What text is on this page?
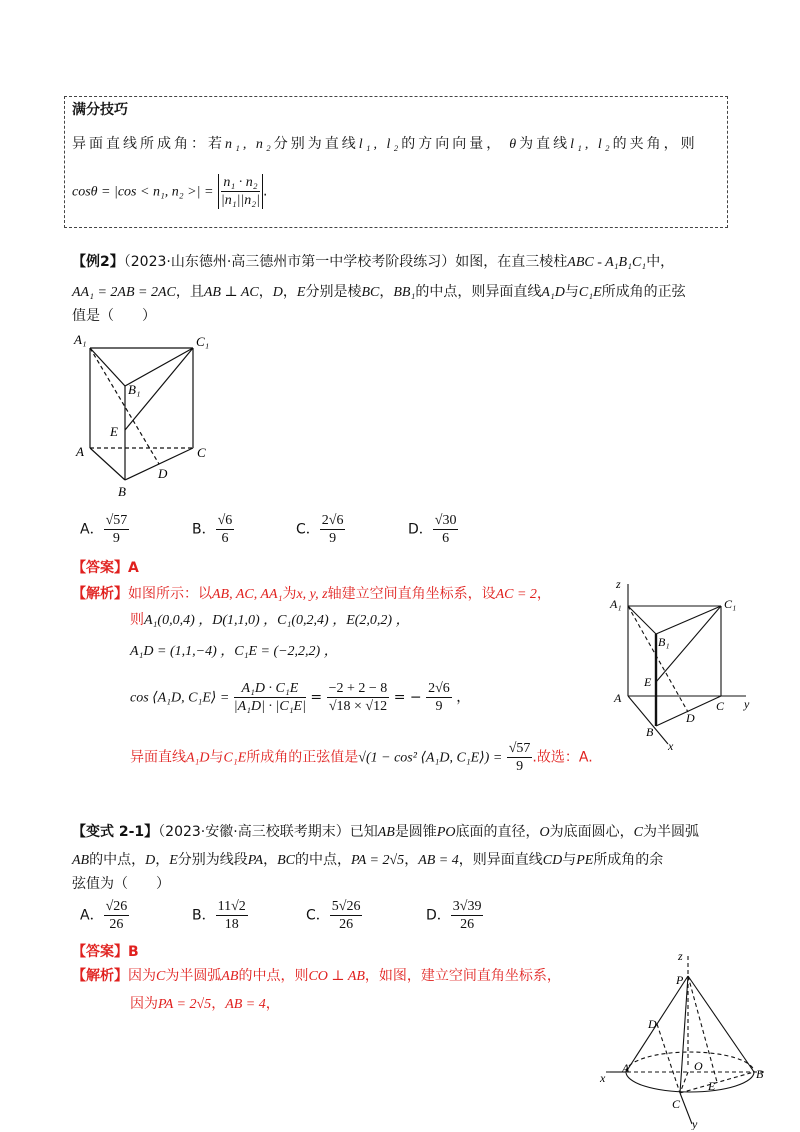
满分技巧
异面直线所成角：若n₁, n₂分别为直线l₁, l₂的方向向量， θ为直线l₁, l₂的夹角，则
cosθ = |cos < n₁, n₂ >| = $\frac{\text{n₁ · n₂}}{\text{|n₁||n₂|}}$ .
【例2】（2023·山东德州·高三德州市第一中学校考阶段练习）如图，在直三棱柱ABC - A₁B₁C₁中，
AA₁ = 2AB = 2AC，且AB ⊥ AC，D，E分别是棱BC，BB₁的中点，则异面直线A₁D与C₁E所成角的正弦
值是（　　）
A₁	C₁
B₁
E
A	C
D
B
A． $\frac{√57}{9}$	B． $\frac{√6}{6}$	C． $\frac{2√6}{9}$	D． $\frac{√30}{6}$
【答案】A
【解析】如图所示：以AB, AC, AA₁为x, y, z轴建立空间直角坐标系，设AC = 2，
则A₁(0,0,4) ，D(1,1,0) ，C₁(0,2,4) ，E(2,0,2) ，
A₁D = (1,1,−4) ，C₁E = (−2,2,2) ，
cos ⟨A₁D, C₁E⟩ = $\frac{\text{A₁D · C₁E}}{\text{|A₁D| · |C₁E|}} = \frac{-2 + 2 - 8}{√18 \times √12}$ = − $\frac{2√6}{9}$ ，
异面直线A₁D与C₁E所成角的正弦值是√(1 − cos² ⟨A₁D, C₁E⟩) = $\frac{√57}{9}$ .故选：A.
z
A₁	C₁
B₁
E
A
C y
D
B
x
【变式 2-1】（2023·安徽·高三校联考期末）已知AB是圆锥PO底面的直径，O为底面圆心，C为半圆弧
AB的中点，D，E分别为线段PA，BC的中点，PA = 2√5，AB = 4，则异面直线CD与PE所成角的余
弦值为（　　）
A． $\frac{√26}{26}$	B． $\frac{11√2}{18}$	C． $\frac{5√26}{26}$	D． $\frac{3√39}{26}$
【答案】B
【解析】因为C为半圆弧AB的中点，则CO ⊥ AB，如图，建立空间直角坐标系，
因为PA = 2√5，AB = 4，
z
P
D
A	O
E
B
x
C
y
